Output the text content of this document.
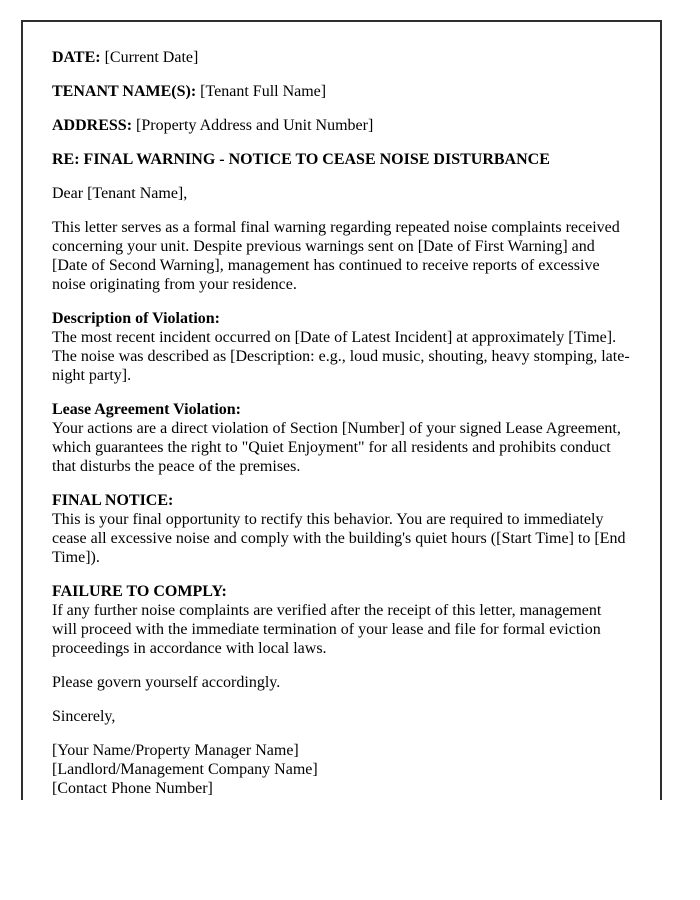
DATE: [Current Date]

TENANT NAME(S): [Tenant Full Name]

ADDRESS: [Property Address and Unit Number]

RE: FINAL WARNING - NOTICE TO CEASE NOISE DISTURBANCE

Dear [Tenant Name],

This letter serves as a formal final warning regarding repeated noise complaints received concerning your unit. Despite previous warnings sent on [Date of First Warning] and [Date of Second Warning], management has continued to receive reports of excessive noise originating from your residence.

Description of Violation:
The most recent incident occurred on [Date of Latest Incident] at approximately [Time]. The noise was described as [Description: e.g., loud music, shouting, heavy stomping, late-night party].

Lease Agreement Violation:
Your actions are a direct violation of Section [Number] of your signed Lease Agreement, which guarantees the right to "Quiet Enjoyment" for all residents and prohibits conduct that disturbs the peace of the premises.

FINAL NOTICE:
This is your final opportunity to rectify this behavior. You are required to immediately cease all excessive noise and comply with the building's quiet hours ([Start Time] to [End Time]).

FAILURE TO COMPLY:
If any further noise complaints are verified after the receipt of this letter, management will proceed with the immediate termination of your lease and file for formal eviction proceedings in accordance with local laws.

Please govern yourself accordingly.

Sincerely,

[Your Name/Property Manager Name]
[Landlord/Management Company Name]
[Contact Phone Number]
